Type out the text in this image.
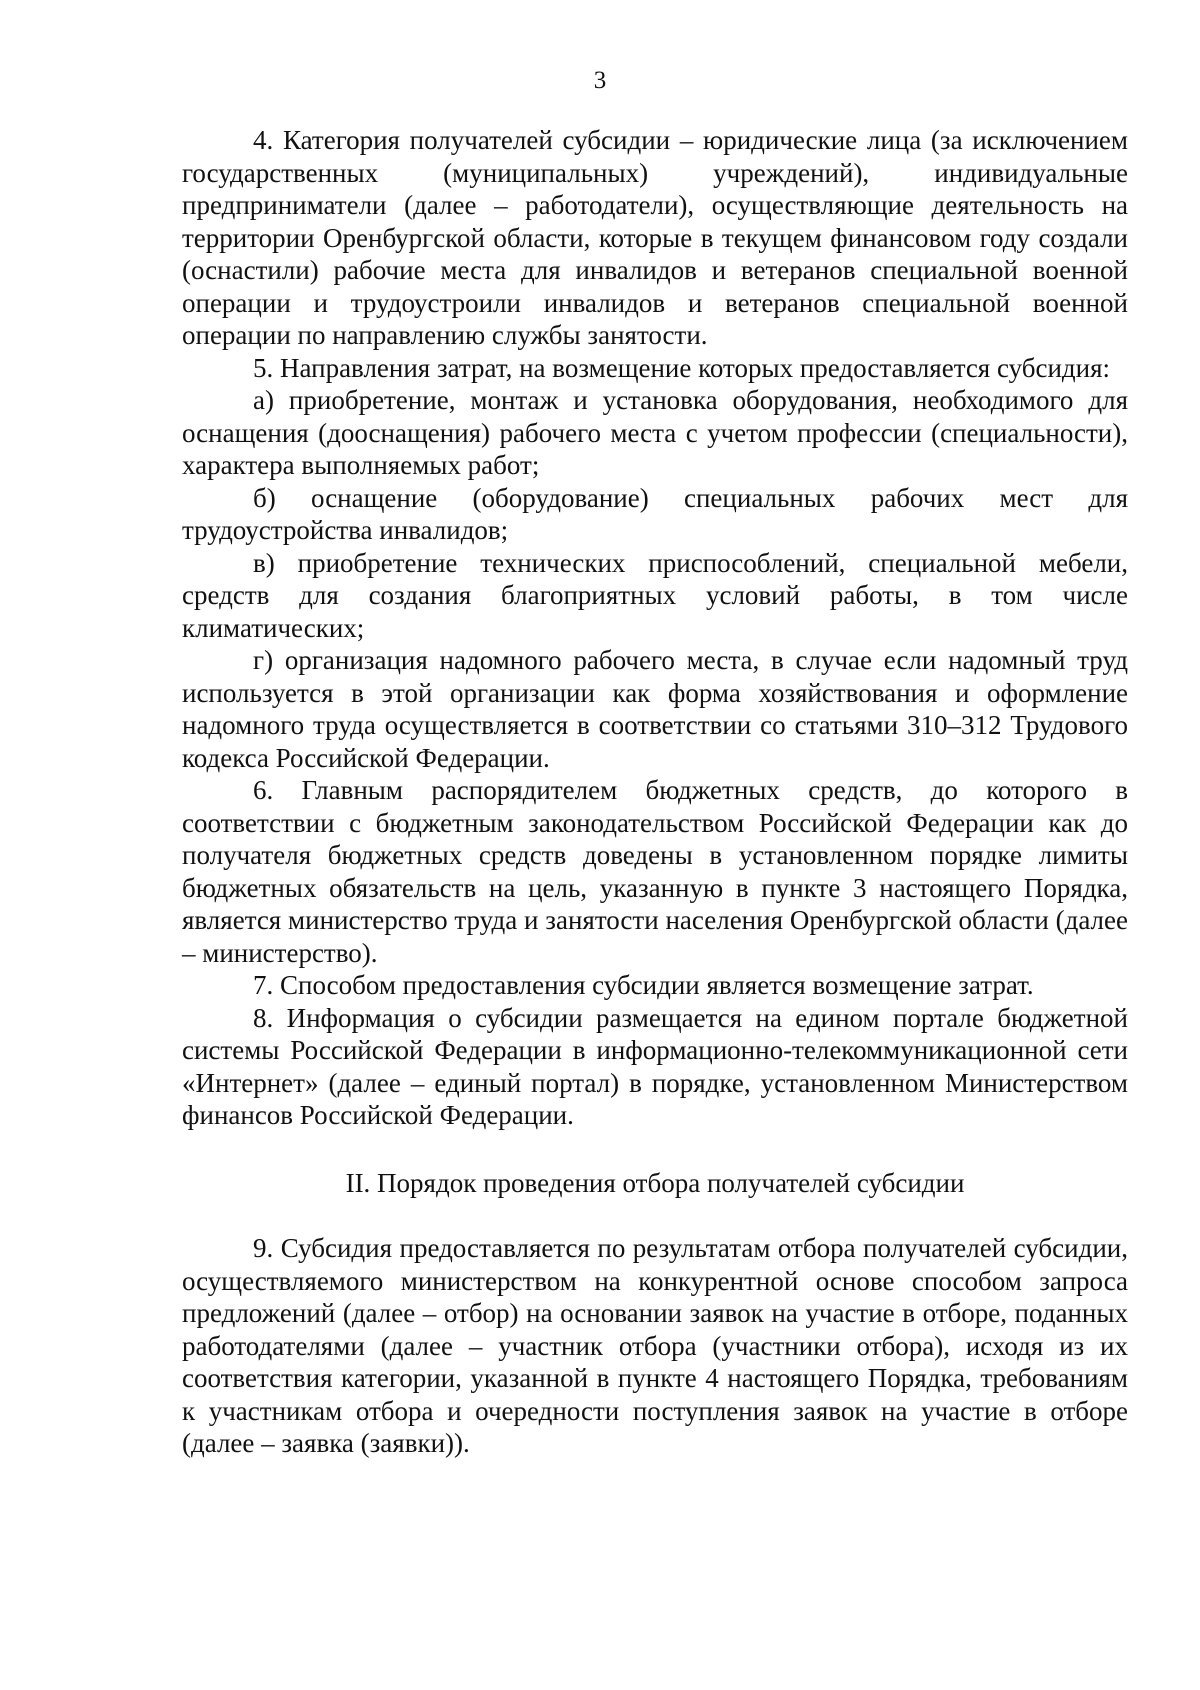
3

4. Категория получателей субсидии – юридические лица (за исключением государственных (муниципальных) учреждений), индивидуальные предприниматели (далее – работодатели), осуществляющие деятельность на территории Оренбургской области, которые в текущем финансовом году создали (оснастили) рабочие места для инвалидов и ветеранов специальной военной операции и трудоустроили инвалидов и ветеранов специальной военной операции по направлению службы занятости.

5. Направления затрат, на возмещение которых предоставляется субсидия:

а) приобретение, монтаж и установка оборудования, необходимого для оснащения (дооснащения) рабочего места с учетом профессии (специальности), характера выполняемых работ;

б) оснащение (оборудование) специальных рабочих мест для трудоустройства инвалидов;

в) приобретение технических приспособлений, специальной мебели, средств для создания благоприятных условий работы, в том числе климатических;

г) организация надомного рабочего места, в случае если надомный труд используется в этой организации как форма хозяйствования и оформление надомного труда осуществляется в соответствии со статьями 310–312 Трудового кодекса Российской Федерации.

6. Главным распорядителем бюджетных средств, до которого в соответствии с бюджетным законодательством Российской Федерации как до получателя бюджетных средств доведены в установленном порядке лимиты бюджетных обязательств на цель, указанную в пункте 3 настоящего Порядка, является министерство труда и занятости населения Оренбургской области (далее – министерство).

7. Способом предоставления субсидии является возмещение затрат.

8. Информация о субсидии размещается на едином портале бюджетной системы Российской Федерации в информационно-телекоммуникационной сети «Интернет» (далее – единый портал) в порядке, установленном Министерством финансов Российской Федерации.

II. Порядок проведения отбора получателей субсидии

9. Субсидия предоставляется по результатам отбора получателей субсидии, осуществляемого министерством на конкурентной основе способом запроса предложений (далее – отбор) на основании заявок на участие в отборе, поданных работодателями (далее – участник отбора (участники отбора), исходя из их соответствия категории, указанной в пункте 4 настоящего Порядка, требованиям к участникам отбора и очередности поступления заявок на участие в отборе (далее – заявка (заявки)).
